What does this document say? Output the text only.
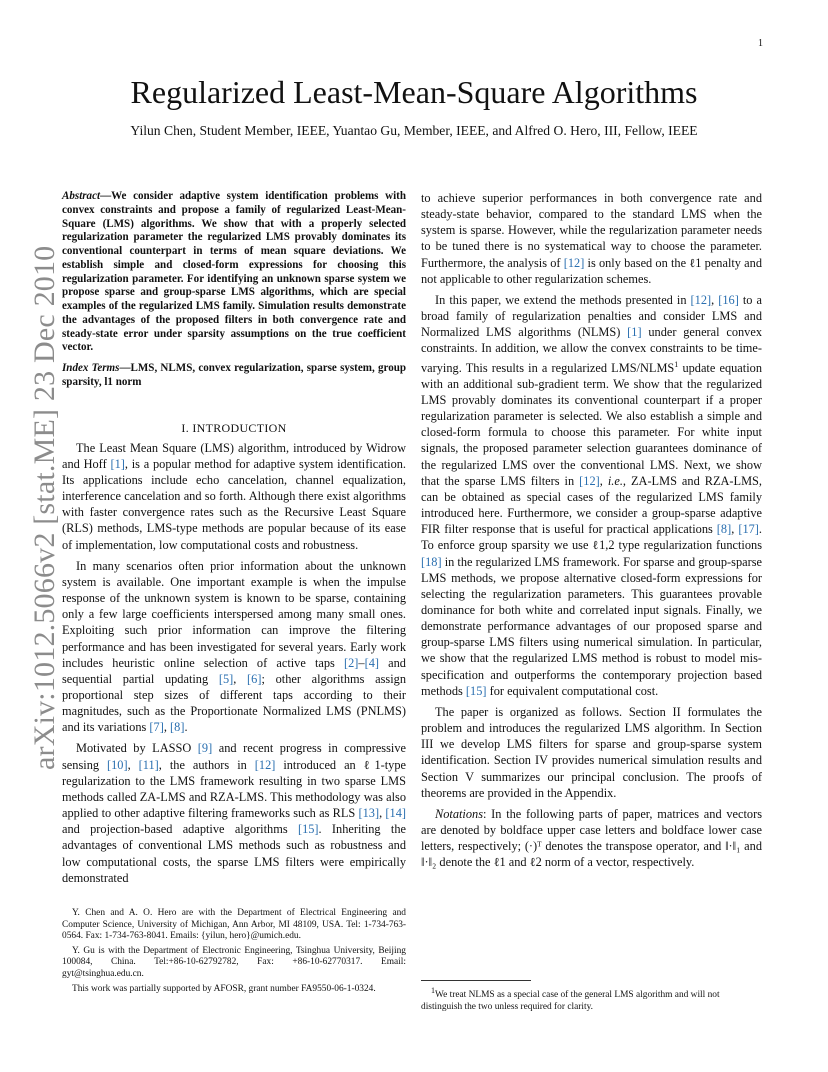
1
arXiv:1012.5066v2 [stat.ME] 23 Dec 2010
Regularized Least-Mean-Square Algorithms
Yilun Chen, Student Member, IEEE, Yuantao Gu, Member, IEEE, and Alfred O. Hero, III, Fellow, IEEE
Abstract—We consider adaptive system identification problems with convex constraints and propose a family of regularized Least-Mean-Square (LMS) algorithms. We show that with a properly selected regularization parameter the regularized LMS provably dominates its conventional counterpart in terms of mean square deviations. We establish simple and closed-form expressions for choosing this regularization parameter. For identifying an unknown sparse system we propose sparse and group-sparse LMS algorithms, which are special examples of the regularized LMS family. Simulation results demonstrate the advantages of the proposed filters in both convergence rate and steady-state error under sparsity assumptions on the true coefficient vector.
Index Terms—LMS, NLMS, convex regularization, sparse system, group sparsity, l1 norm
I. INTRODUCTION

The Least Mean Square (LMS) algorithm, introduced by Widrow and Hoff [ 1 ] , is a popular method for adaptive system identification. Its applications include echo cancelation, channel equalization, interference cancelation and so forth. Although there exist algorithms with faster convergence rates such as the Recursive Least Square (RLS) methods, LMS-type methods are popular because of its ease of implementation, low computational costs and robustness.

In many scenarios often prior information about the unknown system is available. One important example is when the impulse response of the unknown system is known to be sparse, containing only a few large coefficients interspersed among many small ones. Exploiting such prior information can improve the filtering performance and has been investigated for several years. Early work includes heuristic online selection of active taps [ 2 ] –[ 4 ] and sequential partial updating [ 5 ] , [ 6 ] ; other algorithms assign proportional step sizes of different taps according to their magnitudes, such as the Proportionate Normalized LMS (PNLMS) and its variations [ 7 ] , [ 8 ] .

Motivated by LASSO [ 9 ] and recent progress in compressive sensing [ 10 ] , [ 11 ] , the authors in [ 12 ] introduced an ℓ1-type regularization to the LMS framework resulting in two sparse LMS methods called ZA-LMS and RZA-LMS. This methodology was also applied to other adaptive filtering frameworks such as RLS [ 13 ] , [ 14 ] and projection-based adaptive algorithms [ 15 ] . Inheriting the advantages of conventional LMS methods such as robustness and low computational costs, the sparse LMS filters were empirically demonstrated

Y. Chen and A. O. Hero are with the Department of Electrical Engineering and Computer Science, University of Michigan, Ann Arbor, MI 48109, USA. Tel: 1-734-763-0564. Fax: 1-734-763-8041. Emails: {yilun, hero}@umich.edu.

Y. Gu is with the Department of Electronic Engineering, Tsinghua University, Beijing 100084, China. Tel:+86-10-62792782, Fax: +86-10-62770317. Email: gyt@tsinghua.edu.cn.

This work was partially supported by AFOSR, grant number FA9550-06-1-0324.

to achieve superior performances in both convergence rate and steady-state behavior, compared to the standard LMS when the system is sparse. However, while the regularization parameter needs to be tuned there is no systematical way to choose the parameter. Furthermore, the analysis of [ 12 ] is only based on the ℓ1 penalty and not applicable to other regularization schemes.

In this paper, we extend the methods presented in [ 12 ] , [ 16 ] to a broad family of regularization penalties and consider LMS and Normalized LMS algorithms (NLMS) [ 1 ] under general convex constraints. In addition, we allow the convex constraints to be time-varying. This results in a regularized LMS/NLMS$^1$ update equation with an additional sub-gradient term. We show that the regularized LMS provably dominates its conventional counterpart if a proper regularization parameter is selected. We also establish a simple and closed-form formula to choose this parameter. For white input signals, the proposed parameter selection guarantees dominance of the regularized LMS over the conventional LMS. Next, we show that the sparse LMS filters in [ 12 ] , i.e., ZA-LMS and RZA-LMS, can be obtained as special cases of the regularized LMS family introduced here. Furthermore, we consider a group-sparse adaptive FIR filter response that is useful for practical applications [ 8 ] , [ 17 ] . To enforce group sparsity we use ℓ1,2 type regularization functions [ 18 ] in the regularized LMS framework. For sparse and group-sparse LMS methods, we propose alternative closed-form expressions for selecting the regularization parameters. This guarantees provable dominance for both white and correlated input signals. Finally, we demonstrate performance advantages of our proposed sparse and group-sparse LMS filters using numerical simulation. In particular, we show that the regularized LMS method is robust to model mis-specification and outperforms the contemporary projection based methods [ 15 ] for equivalent computational cost.

The paper is organized as follows. Section II formulates the problem and introduces the regularized LMS algorithm. In Section III we develop LMS filters for sparse and group-sparse system identification. Section IV provides numerical simulation results and Section V summarizes our principal conclusion. The proofs of theorems are provided in the Appendix.

Notations: In the following parts of paper, matrices and vectors are denoted by boldface upper case letters and boldface lower case letters, respectively; (·)ᵀ denotes the transpose operator, and ‖·‖₁ and ‖·‖₂ denote the ℓ1 and ℓ2 norm of a vector, respectively.

$^1$We treat NLMS as a special case of the general LMS algorithm and will not distinguish the two unless required for clarity.
